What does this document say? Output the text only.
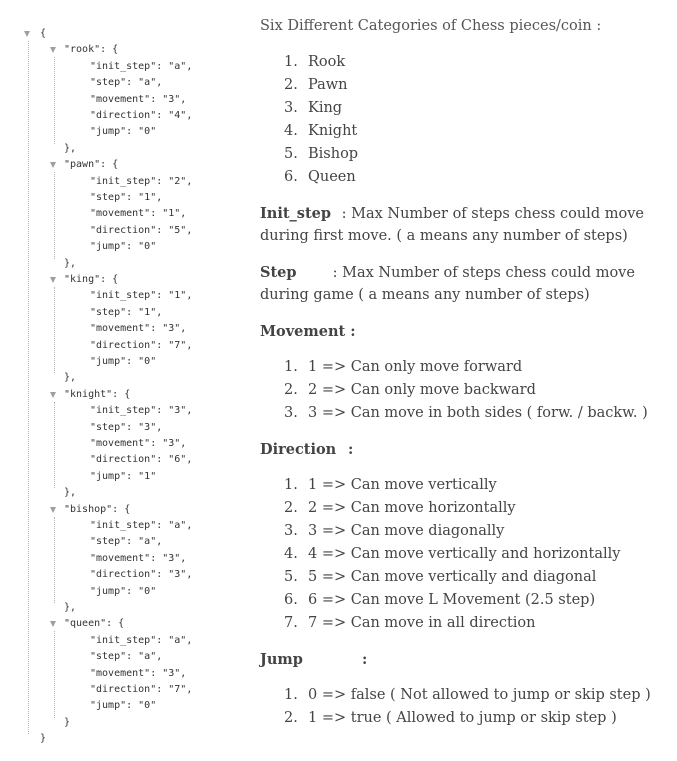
{
"rook": {
"init_step": "a",
"step": "a",
"movement": "3",
"direction": "4",
"jump": "0"
},
"pawn": {
"init_step": "2",
"step": "1",
"movement": "1",
"direction": "5",
"jump": "0"
},
"king": {
"init_step": "1",
"step": "1",
"movement": "3",
"direction": "7",
"jump": "0"
},
"knight": {
"init_step": "3",
"step": "3",
"movement": "3",
"direction": "6",
"jump": "1"
},
"bishop": {
"init_step": "a",
"step": "a",
"movement": "3",
"direction": "3",
"jump": "0"
},
"queen": {
"init_step": "a",
"step": "a",
"movement": "3",
"direction": "7",
"jump": "0"
}
}
Six Different Categories of Chess pieces/coin :
1. Rook
2. Pawn
3. King
4. Knight
5. Bishop
6. Queen
Init_step : Max Number of steps chess could move
during first move. ( a means any number of steps)
Step : Max Number of steps chess could move
during game ( a means any number of steps)
Movement :
1. 1 => Can only move forward
2. 2 => Can only move backward
3. 3 => Can move in both sides ( forw. / backw. )
Direction :
1. 1 => Can move vertically
2. 2 => Can move horizontally
3. 3 => Can move diagonally
4. 4 => Can move vertically and horizontally
5. 5 => Can move vertically and diagonal
6. 6 => Can move L Movement (2.5 step)
7. 7 => Can move in all direction
Jump	:
1. 0 => false ( Not allowed to jump or skip step )
2. 1 => true ( Allowed to jump or skip step )
